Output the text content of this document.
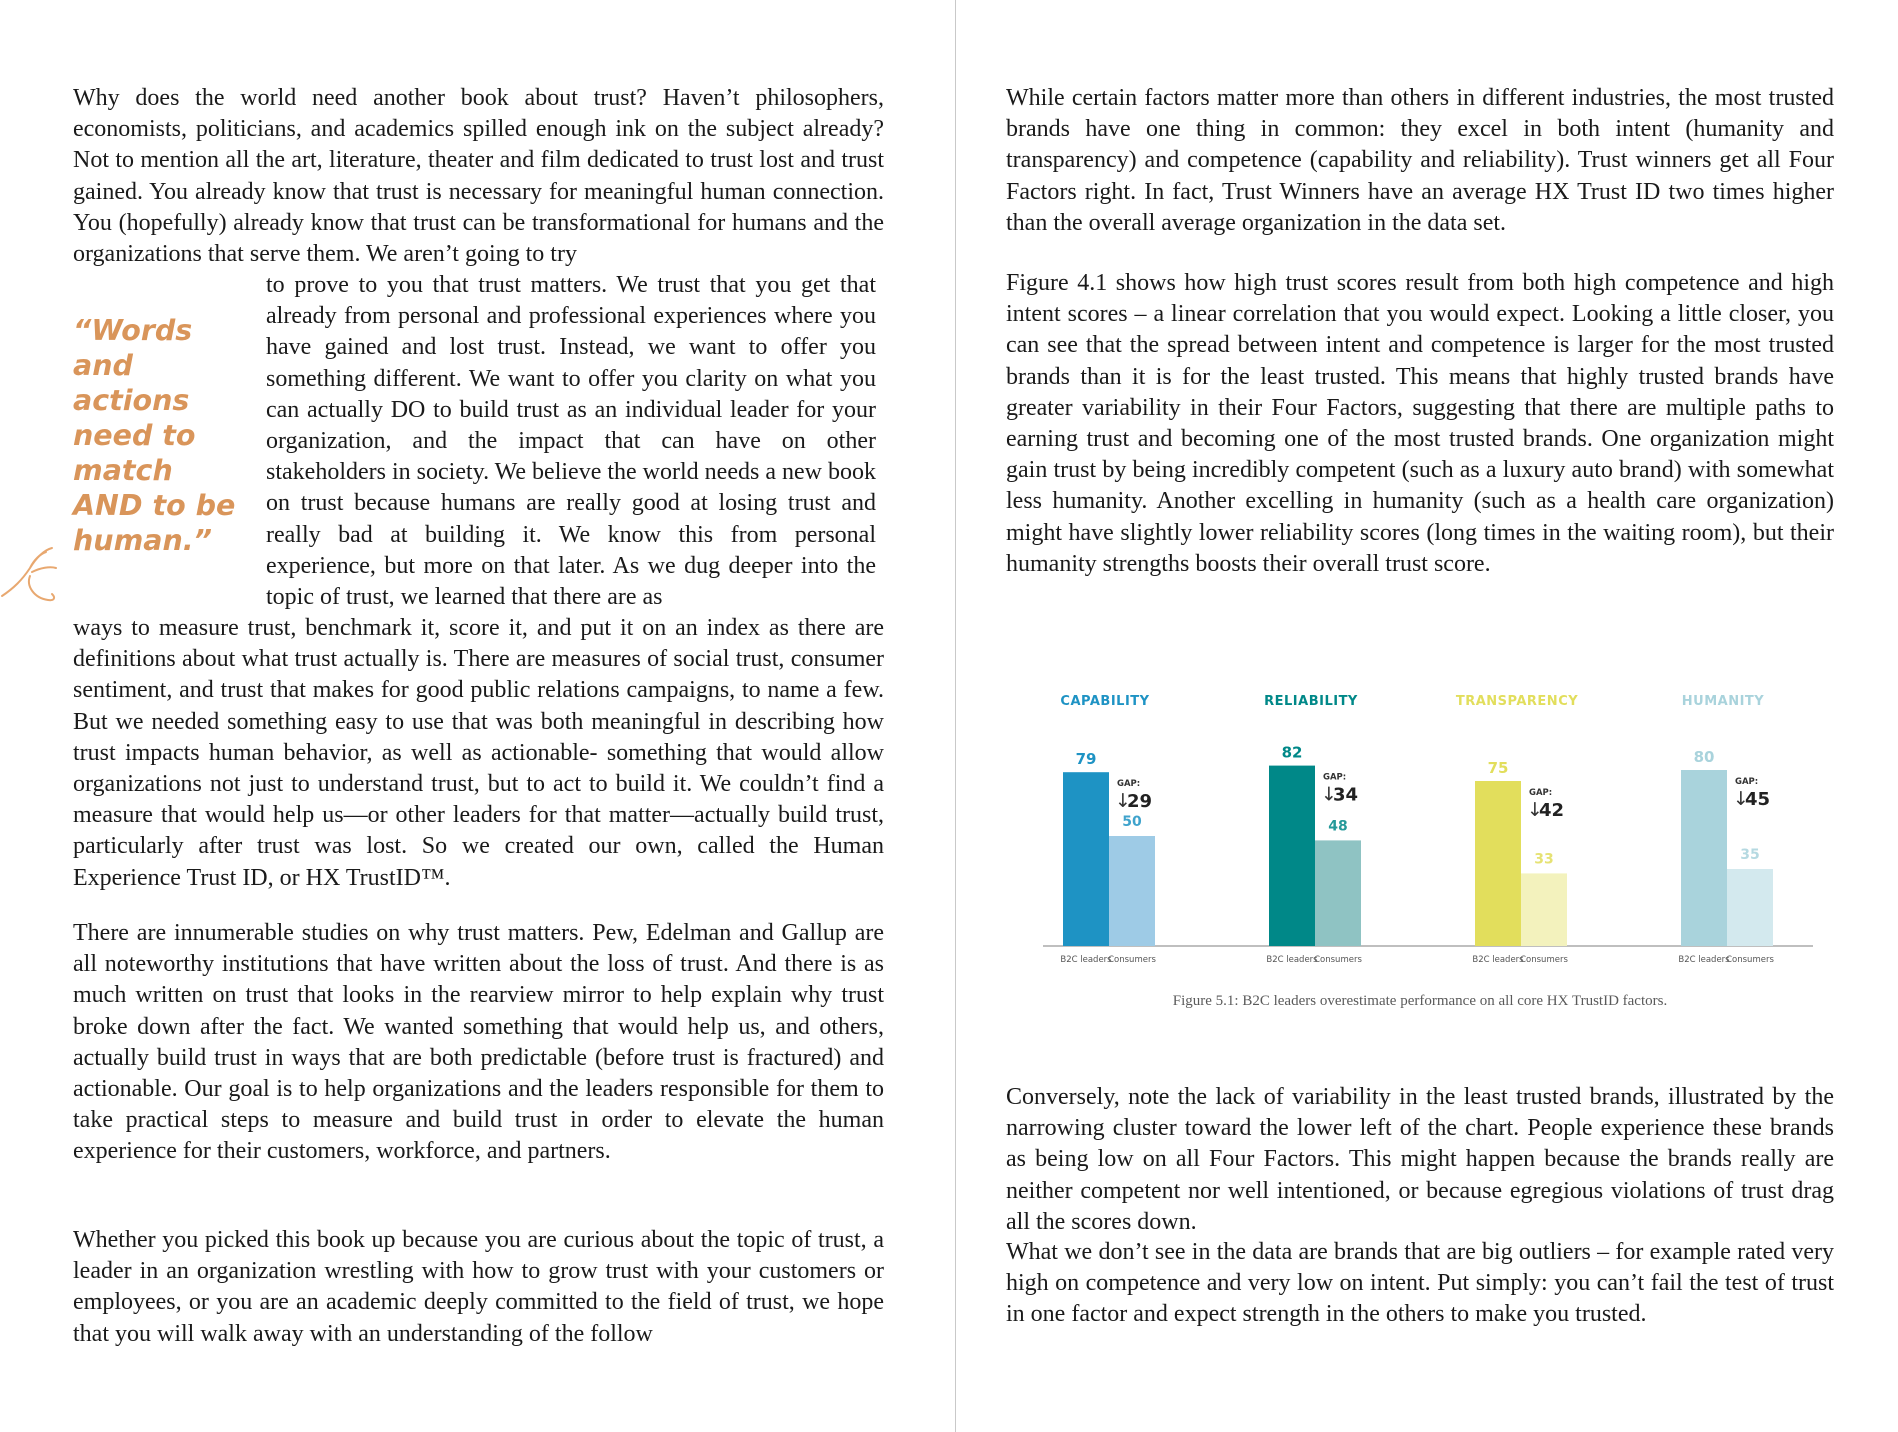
Why does the world need another book about trust? Haven’t philosophers, economists, politicians, and academics spilled enough ink on the subject already? Not to mention all the art, literature, theater and film dedicated to trust lost and trust gained. You already know that trust is necessary for meaningful human connection. You (hopefully) already know that trust can be transformational for humans and the organizations that serve them. We aren’t going to try

to prove to you that trust matters. We trust that you get that already from personal and professional experiences where you have gained and lost trust. Instead, we want to offer you something different. We want to offer you clarity on what you can actually DO to build trust as an individual leader for your organization, and the impact that can have on other stakeholders in society. We believe the world needs a new book on trust because humans are really good at losing trust and really bad at building it. We know this from personal experience, but more on that later. As we dug deeper into the topic of trust, we learned that there are as

ways to measure trust, benchmark it, score it, and put it on an index as there are definitions about what trust actually is. There are measures of social trust, consumer sentiment, and trust that makes for good public relations campaigns, to name a few. But we needed something easy to use that was both meaningful in describing how trust impacts human behavior, as well as actionable- something that would allow organizations not just to understand trust, but to act to build it. We couldn’t find a measure that would help us—or other leaders for that matter—actually build trust, particularly after trust was lost. So we created our own, called the Human Experience Trust ID, or HX TrustID™.

There are innumerable studies on why trust matters. Pew, Edelman and Gallup are all noteworthy institutions that have written about the loss of trust. And there is as much written on trust that looks in the rearview mirror to help explain why trust broke down after the fact. We wanted something that would help us, and others, actually build trust in ways that are both predictable (before trust is fractured) and actionable. Our goal is to help organizations and the leaders responsible for them to take practical steps to measure and build trust in order to elevate the human experience for their customers, workforce, and partners.

Whether you picked this book up because you are curious about the topic of trust, a leader in an organization wrestling with how to grow trust with your customers or employees, or you are an academic deeply committed to the field of trust, we hope that you will walk away with an understanding of the follow

“Words and actions need to match AND to be human.”

While certain factors matter more than others in different industries, the most trusted brands have one thing in common: they excel in both intent (humanity and transparency) and competence (capability and reliability). Trust winners get all Four Factors right. In fact, Trust Winners have an average HX Trust ID two times higher than the overall average organization in the data set.

Figure 4.1 shows how high trust scores result from both high competence and high intent scores – a linear correlation that you would expect. Looking a little closer, you can see that the spread between intent and competence is larger for the most trusted brands than it is for the least trusted. This means that highly trusted brands have greater variability in their Four Factors, suggesting that there are multiple paths to earning trust and becoming one of the most trusted brands. One organization might gain trust by being incredibly competent (such as a luxury auto brand) with somewhat less humanity. Another excelling in humanity (such as a health care organization) might have slightly lower reliability scores (long times in the waiting room), but their humanity strengths boosts their overall trust score.

Conversely, note the lack of variability in the least trusted brands, illustrated by the narrowing cluster toward the lower left of the chart. People experience these brands as being low on all Four Factors. This might happen because the brands really are neither competent nor well intentioned, or because egregious violations of trust drag all the scores down.

What we don’t see in the data are brands that are big outliers – for example rated very high on competence and very low on intent. Put simply: you can’t fail the test of trust in one factor and expect strength in the others to make you trusted.

CAPABILITY
79
50
GAP:
↓
29
B2C leaders
Consumers
RELIABILITY
82
48
GAP:
↓
34
B2C leaders
Consumers
TRANSPARENCY
75
33
GAP:
↓
42
B2C leaders
Consumers
HUMANITY
80
35
GAP:
↓
45
B2C leaders
Consumers
Figure 5.1: B2C leaders overestimate performance on all core HX TrustID factors.
